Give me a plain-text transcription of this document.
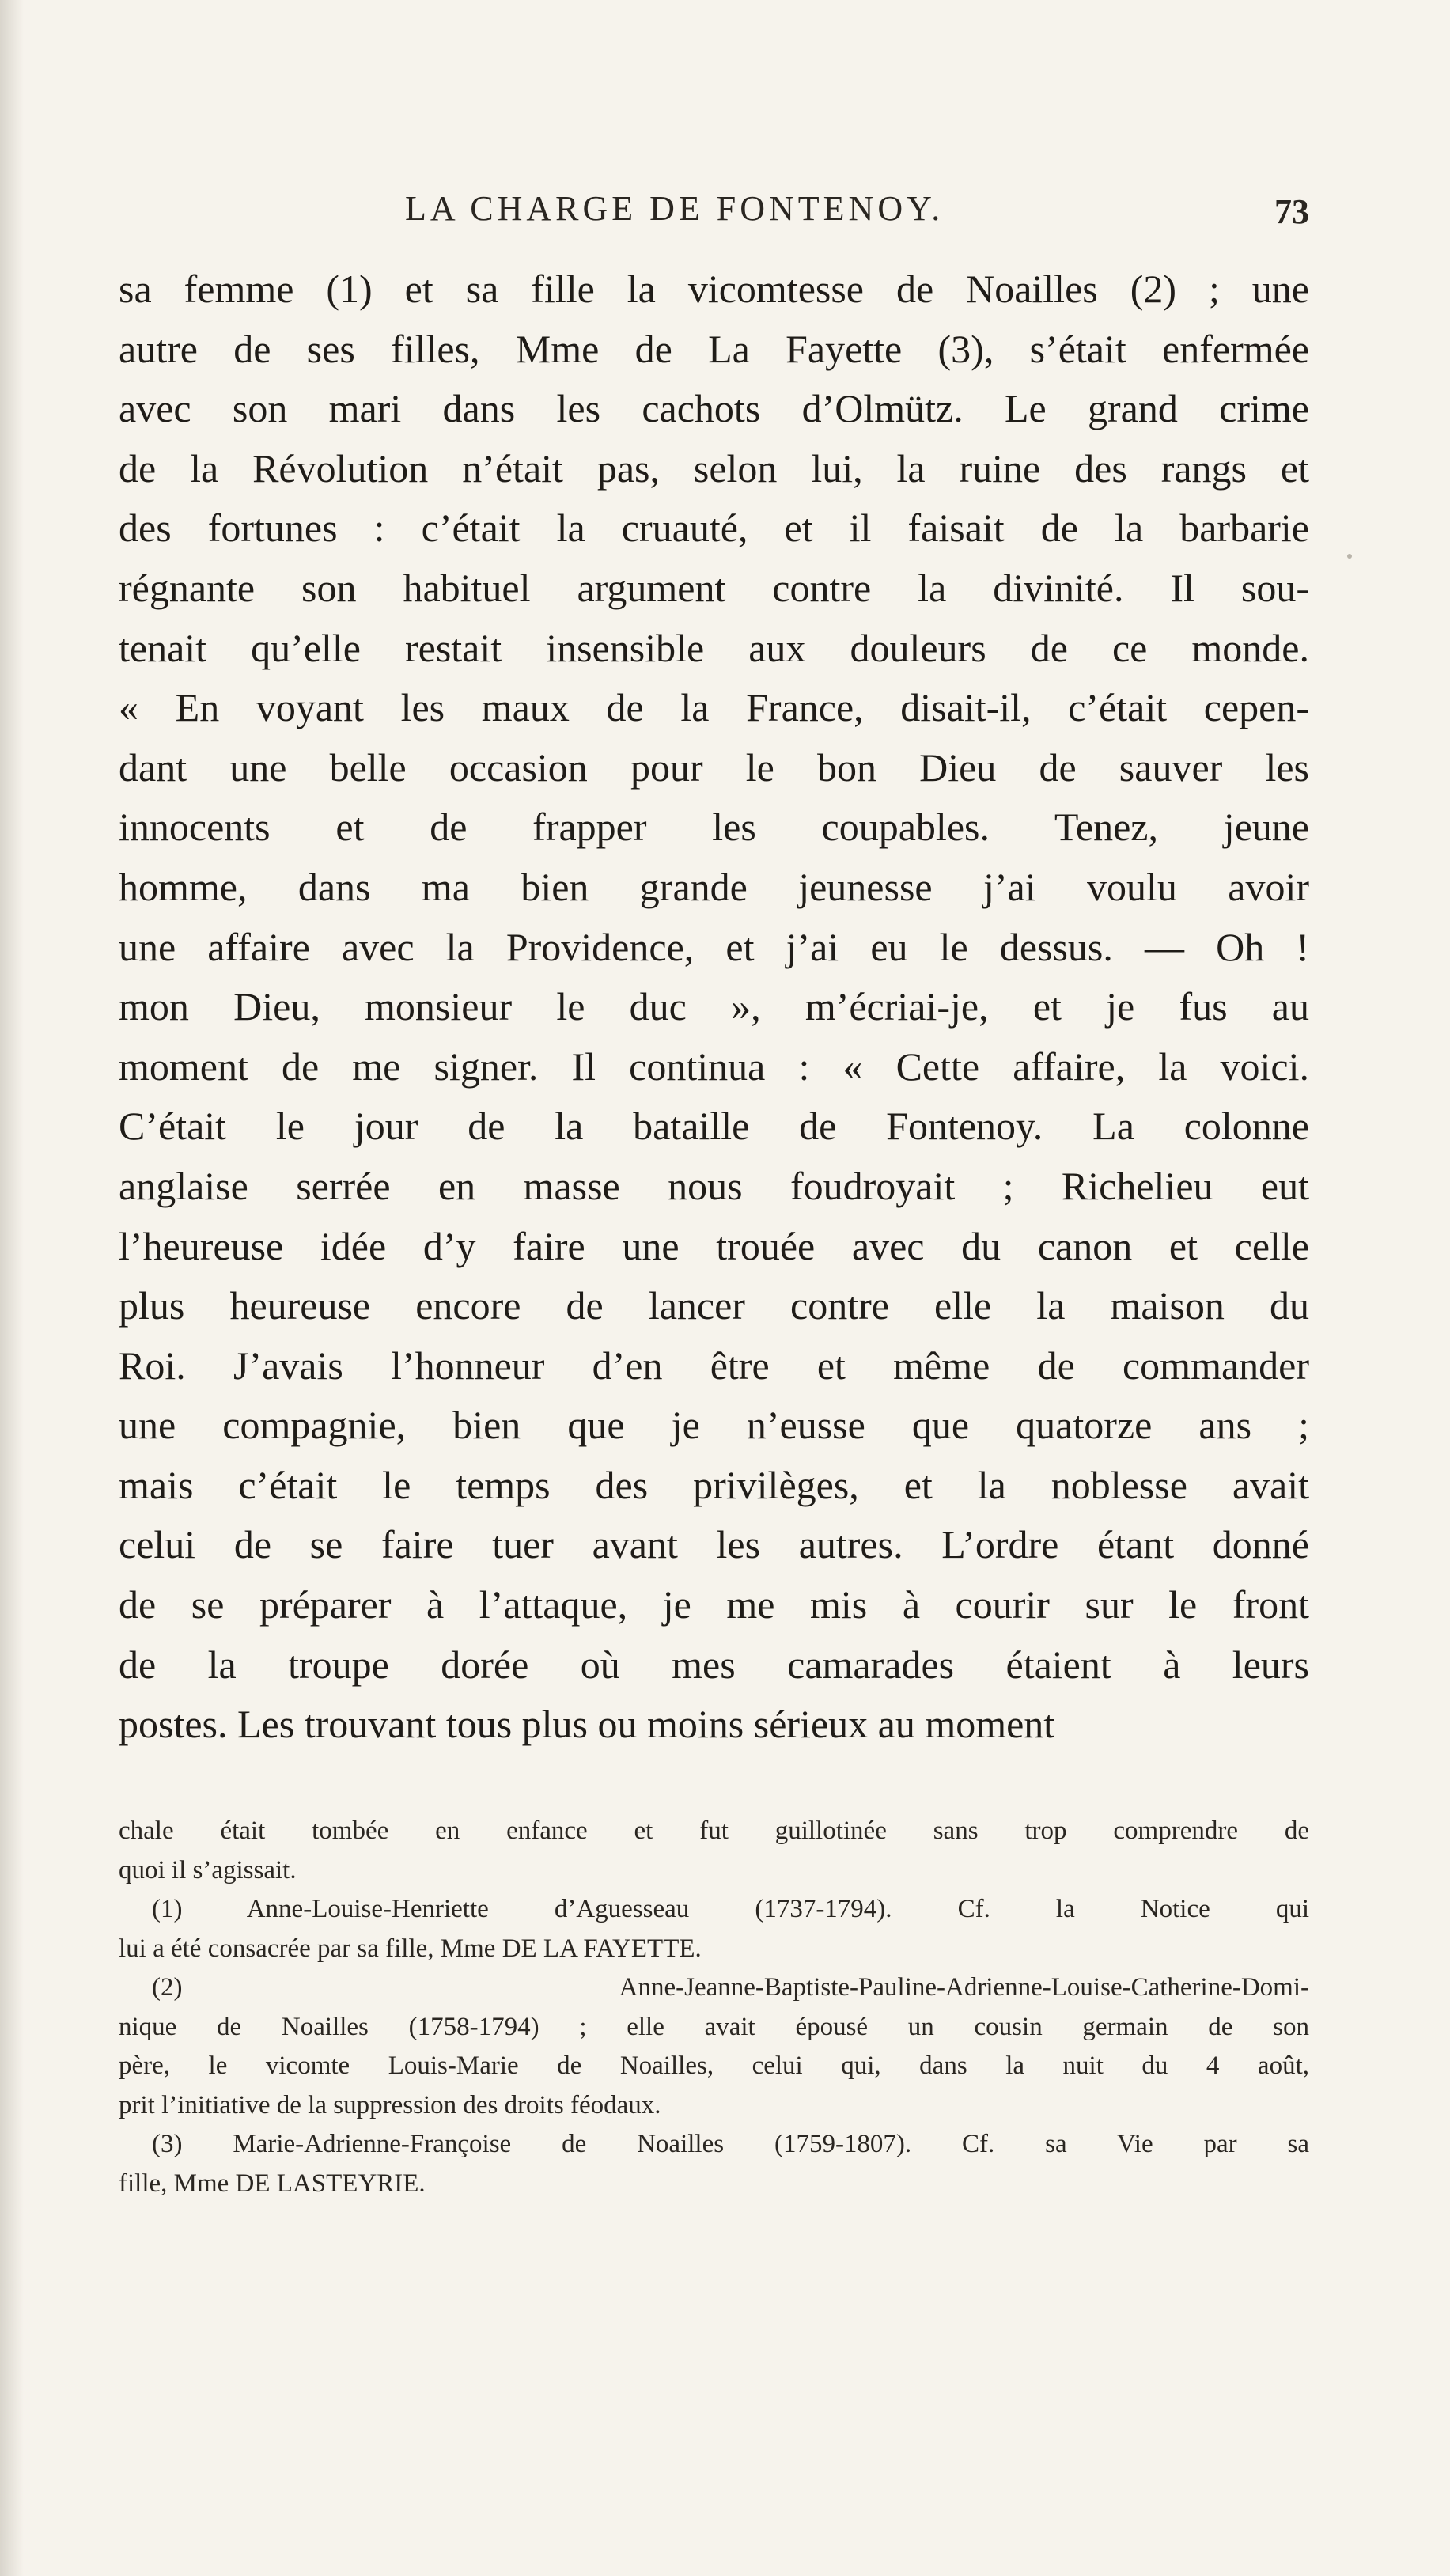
LA CHARGE DE FONTENOY.	73
sa femme (1) et sa fille la vicomtesse de Noailles (2) ; une
autre de ses filles, Mme de La Fayette (3), s’était enfermée
avec son mari dans les cachots d’Olmütz. Le grand crime
de la Révolution n’était pas, selon lui, la ruine des rangs et
des fortunes : c’était la cruauté, et il faisait de la barbarie
régnante son habituel argument contre la divinité. Il sou-
tenait qu’elle restait insensible aux douleurs de ce monde.
« En voyant les maux de la France, disait-il, c’était cepen-
dant une belle occasion pour le bon Dieu de sauver les
innocents et de frapper les coupables. Tenez, jeune
homme, dans ma bien grande jeunesse j’ai voulu avoir
une affaire avec la Providence, et j’ai eu le dessus. — Oh !
mon Dieu, monsieur le duc », m’écriai-je, et je fus au
moment de me signer. Il continua : « Cette affaire, la voici.
C’était le jour de la bataille de Fontenoy. La colonne
anglaise serrée en masse nous foudroyait ; Richelieu eut
l’heureuse idée d’y faire une trouée avec du canon et celle
plus heureuse encore de lancer contre elle la maison du
Roi. J’avais l’honneur d’en être et même de commander
une compagnie, bien que je n’eusse que quatorze ans ;
mais c’était le temps des privilèges, et la noblesse avait
celui de se faire tuer avant les autres. L’ordre étant donné
de se préparer à l’attaque, je me mis à courir sur le front
de la troupe dorée où mes camarades étaient à leurs
postes. Les trouvant tous plus ou moins sérieux au moment
chale était tombée en enfance et fut guillotinée sans trop comprendre de
quoi il s’agissait.
(1) Anne-Louise-Henriette d’Aguesseau (1737-1794). Cf. la Notice qui
lui a été consacrée par sa fille, Mme DE LA FAYETTE.
(2) Anne-Jeanne-Baptiste-Pauline-Adrienne-Louise-Catherine-Domi-
nique de Noailles (1758-1794) ; elle avait épousé un cousin germain de son
père, le vicomte Louis-Marie de Noailles, celui qui, dans la nuit du 4 août,
prit l’initiative de la suppression des droits féodaux.
(3) Marie-Adrienne-Françoise de Noailles (1759-1807). Cf. sa Vie par sa
fille, Mme DE LASTEYRIE.
